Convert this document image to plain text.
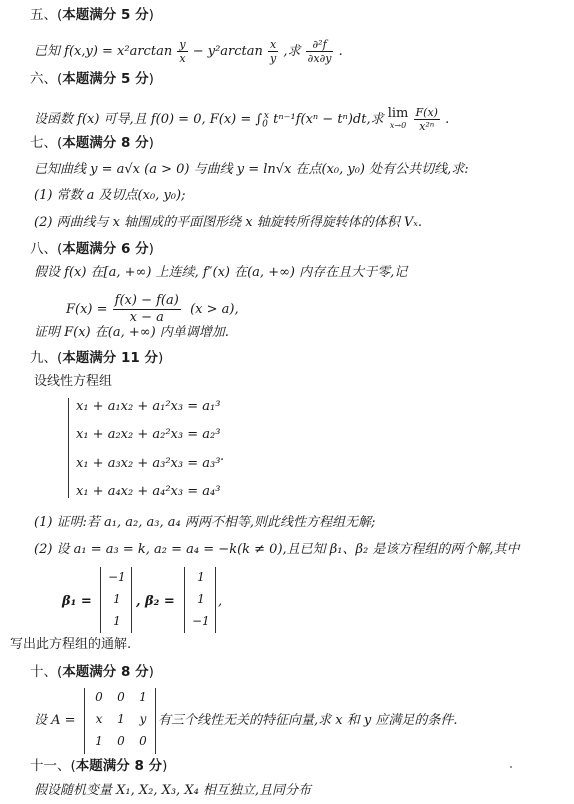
五、(本题满分 5 分)
已知 $f(x,y) = x^2\arctan \frac{y}{x} - y^2\arctan \frac{x}{y}$ ,求 $\frac{\text{∂²f}}{\partial x\partial y}$ .
六、(本题满分 5 分)
设函数 f(x) 可导,且 f(0) = 0, $F(x) = \int_0^x$ tⁿ⁻¹f(xⁿ − tⁿ)dt,求 lim
x→0
$\frac{F(x)}{\text{x²ⁿ}}$ .
七、(本题满分 8 分)
已知曲线 y = a√x (a > 0) 与曲线 y = ln√x 在点(x₀, y₀) 处有公共切线,求:
(1) 常数 a 及切点(x₀, y₀);
(2) 两曲线与 x 轴围成的平面图形绕 x 轴旋转所得旋转体的体积 Vₓ.
八、(本题满分 6 分)
假设 f(x) 在[a, +∞) 上连续, f″(x) 在(a, +∞) 内存在且大于零,记
$F(x) = \frac{f(x) - f(a)}{x - a} (x > a)$,
证明 F(x) 在(a, +∞) 内单调增加.
九、(本题满分 11 分)
设线性方程组
x₁ + a₁x₂ + a₁²x₃ = a₁³
x₁ + a₂x₂ + a₂²x₃ = a₂³
x₁ + a₃x₂ + a₃²x₃ = a₃³
x₁ + a₄x₂ + a₄²x₃ = a₄³
.
(1) 证明:若 a₁, a₂, a₃, a₄ 两两不相等,则此线性方程组无解;
(2) 设 a₁ = a₃ = k, a₂ = a₄ = −k(k ≠ 0),且已知 β₁、β₂ 是该方程组的两个解,其中
β₁ =
−1
1
1
, β₂ =
1
1
−1
,
写出此方程组的通解.
十、(本题满分 8 分)
设 A =
0 0 1
x	1	y
1 0 0
有三个线性无关的特征向量,求 x 和 y 应满足的条件.
十一、(本题满分 8 分)
假设随机变量 X₁, X₂, X₃, X₄ 相互独立,且同分布
